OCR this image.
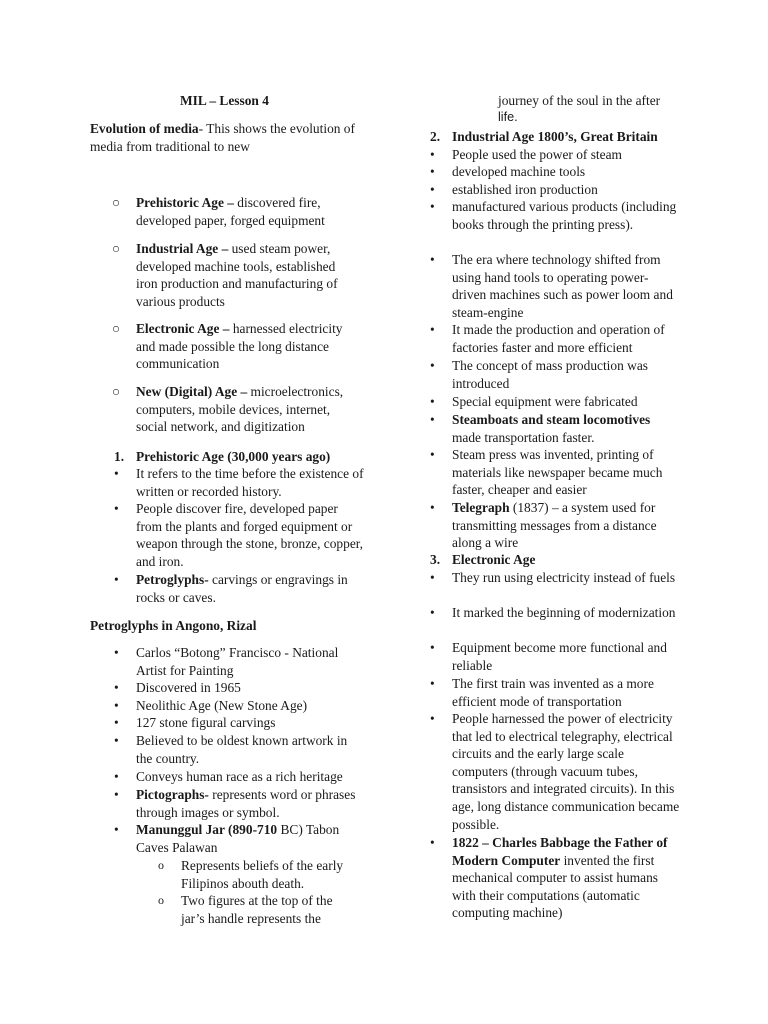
MIL – Lesson 4
Evolution of media- This shows the evolution of media from traditional to new
○ Prehistoric Age – discovered fire, developed paper, forged equipment
○ Industrial Age – used steam power, developed machine tools, established iron production and manufacturing of various products
○ Electronic Age – harnessed electricity and made possible the long distance communication
○ New (Digital) Age – microelectronics, computers, mobile devices, internet, social network, and digitization
1. Prehistoric Age (30,000 years ago)
• It refers to the time before the existence of written or recorded history.
• People discover fire, developed paper from the plants and forged equipment or weapon through the stone, bronze, copper, and iron.
• Petroglyphs- carvings or engravings in rocks or caves.
Petroglyphs in Angono, Rizal
• Carlos “Botong” Francisco - National Artist for Painting
• Discovered in 1965
• Neolithic Age (New Stone Age)
• 127 stone figural carvings
• Believed to be oldest known artwork in the country.
• Conveys human race as a rich heritage
• Pictographs- represents word or phrases through images or symbol.
• Manunggul Jar (890-710 BC) Tabon Caves Palawan
o Represents beliefs of the early Filipinos abouth death.
o Two figures at the top of the jar’s handle represents the
journey of the soul in the after
life.
2. Industrial Age 1800’s, Great Britain
• People used the power of steam
• developed machine tools
• established iron production
• manufactured various products (including books through the printing press).
• The era where technology shifted from using hand tools to operating power-driven machines such as power loom and steam-engine
• It made the production and operation of factories faster and more efficient
• The concept of mass production was introduced
• Special equipment were fabricated
• Steamboats and steam locomotives made transportation faster.
• Steam press was invented, printing of materials like newspaper became much faster, cheaper and easier
• Telegraph (1837) – a system used for transmitting messages from a distance along a wire
3. Electronic Age
• They run using electricity instead of fuels
• It marked the beginning of modernization
• Equipment become more functional and reliable
• The first train was invented as a more efficient mode of transportation
• People harnessed the power of electricity that led to electrical telegraphy, electrical circuits and the early large scale computers (through vacuum tubes, transistors and integrated circuits). In this age, long distance communication became possible.
• 1822 – Charles Babbage the Father of Modern Computer invented the first mechanical computer to assist humans with their computations (automatic computing machine)
